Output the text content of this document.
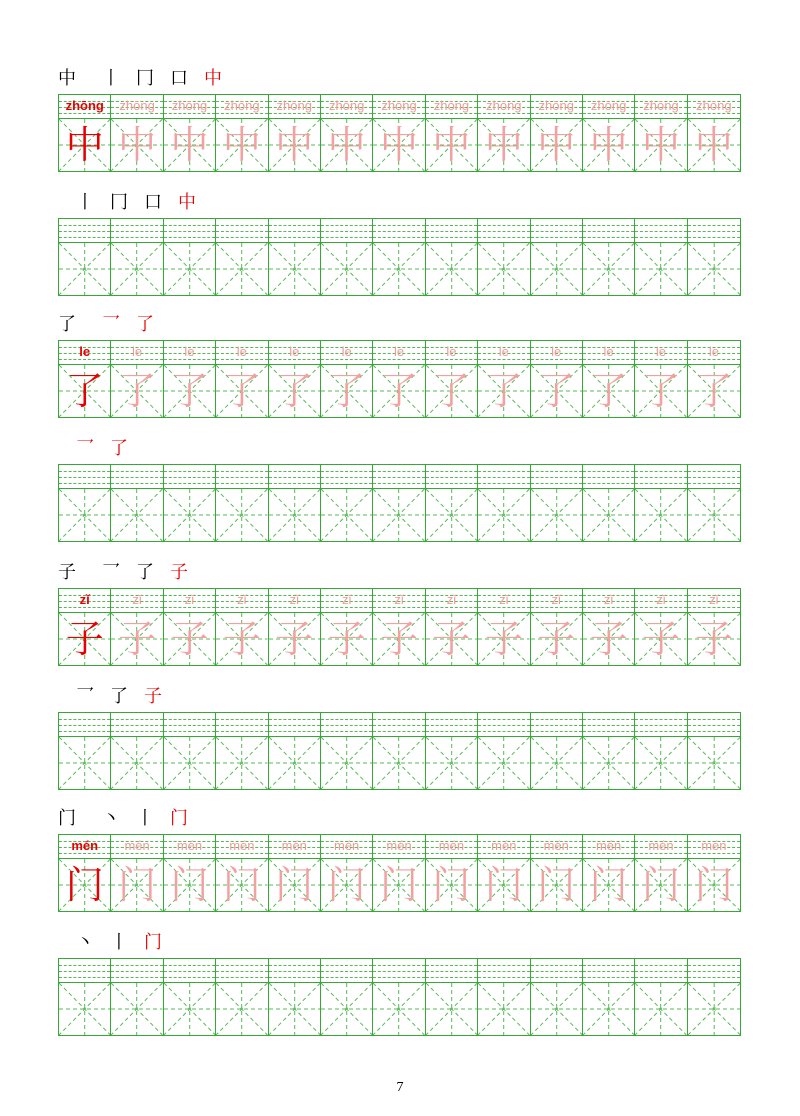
中 丨 冂 口 中
zhōng
中
zhōng
中
zhōng
中
zhōng
中
zhōng
中
zhōng
中
zhōng
中
zhōng
中
zhōng
中
zhōng
中
zhōng
中
zhōng
中
zhōng
中
丨 冂 口 中
了 乛 了
le
了
le
了
le
了
le
了
le
了
le
了
le
了
le
了
le
了
le
了
le
了
le
了
le
了
乛 了
子 乛 了 子
zǐ
子
zǐ
子
zǐ
子
zǐ
子
zǐ
子
zǐ
子
zǐ
子
zǐ
子
zǐ
子
zǐ
子
zǐ
子
zǐ
子
zǐ
子
乛 了 子
门 丶 丨 门
mén
门
mén
门
mén
门
mén
门
mén
门
mén
门
mén
门
mén
门
mén
门
mén
门
mén
门
mén
门
mén
门
丶 丨 门
7
